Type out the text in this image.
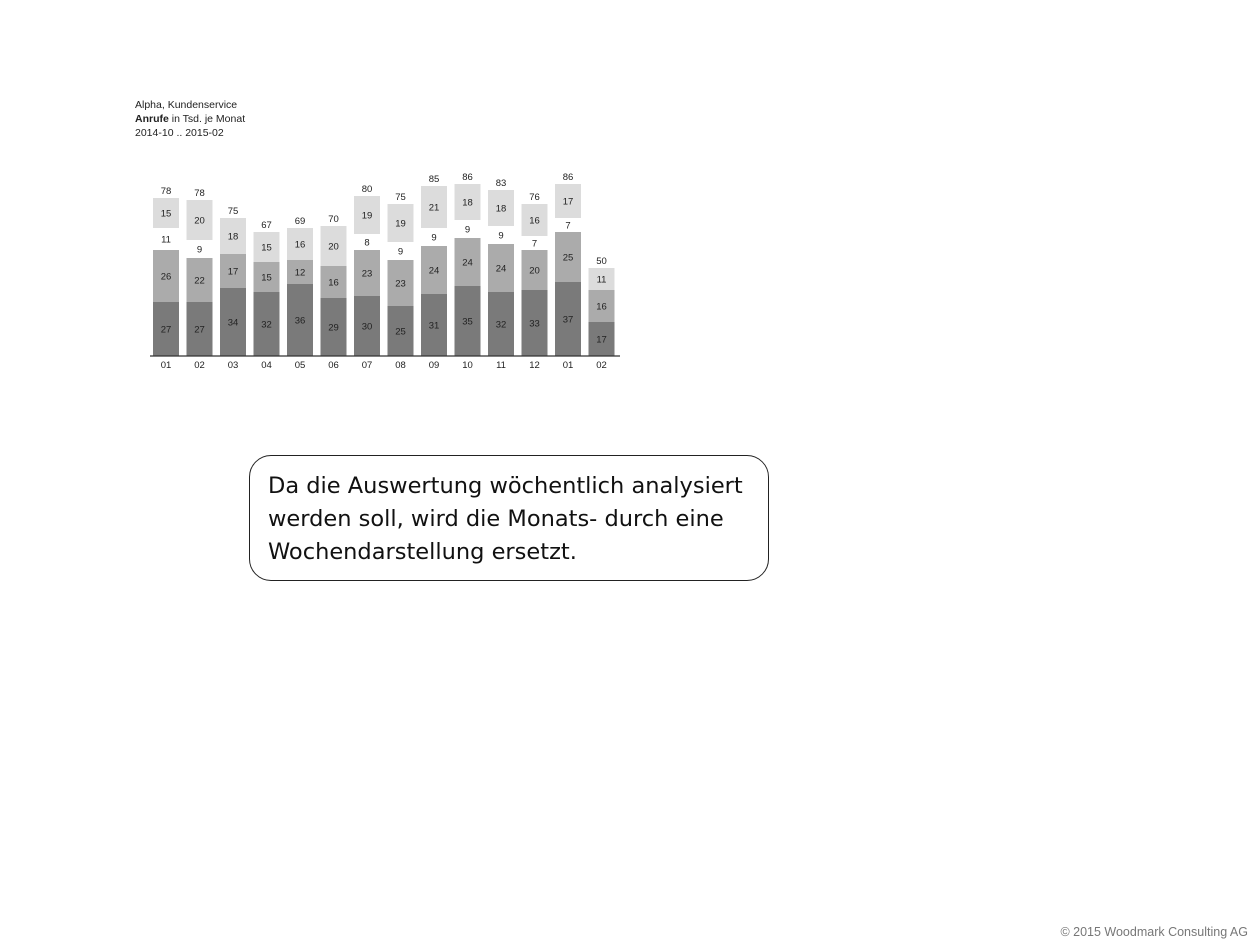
Alpha, Kundenservice
Anrufe in Tsd. je Monat
2014-10 .. 2015-02
27
26
11
15
78
01
27
22
9
20
78
02
34
17
18
75
03
32
15
15
67
04
36
12
16
69
05
29
16
20
70
06
30
23
8
19
80
07
25
23
9
19
75
08
31
24
9
21
85
09
35
24
9
18
86
10
32
24
9
18
83
11
33
20
7
16
76
12
37
25
7
17
86
01
17
16
11
50
02
Da die Auswertung wöchentlich analysiert werden soll, wird die Monats- durch eine Wochendarstellung ersetzt.
© 2015 Woodmark Consulting AG
